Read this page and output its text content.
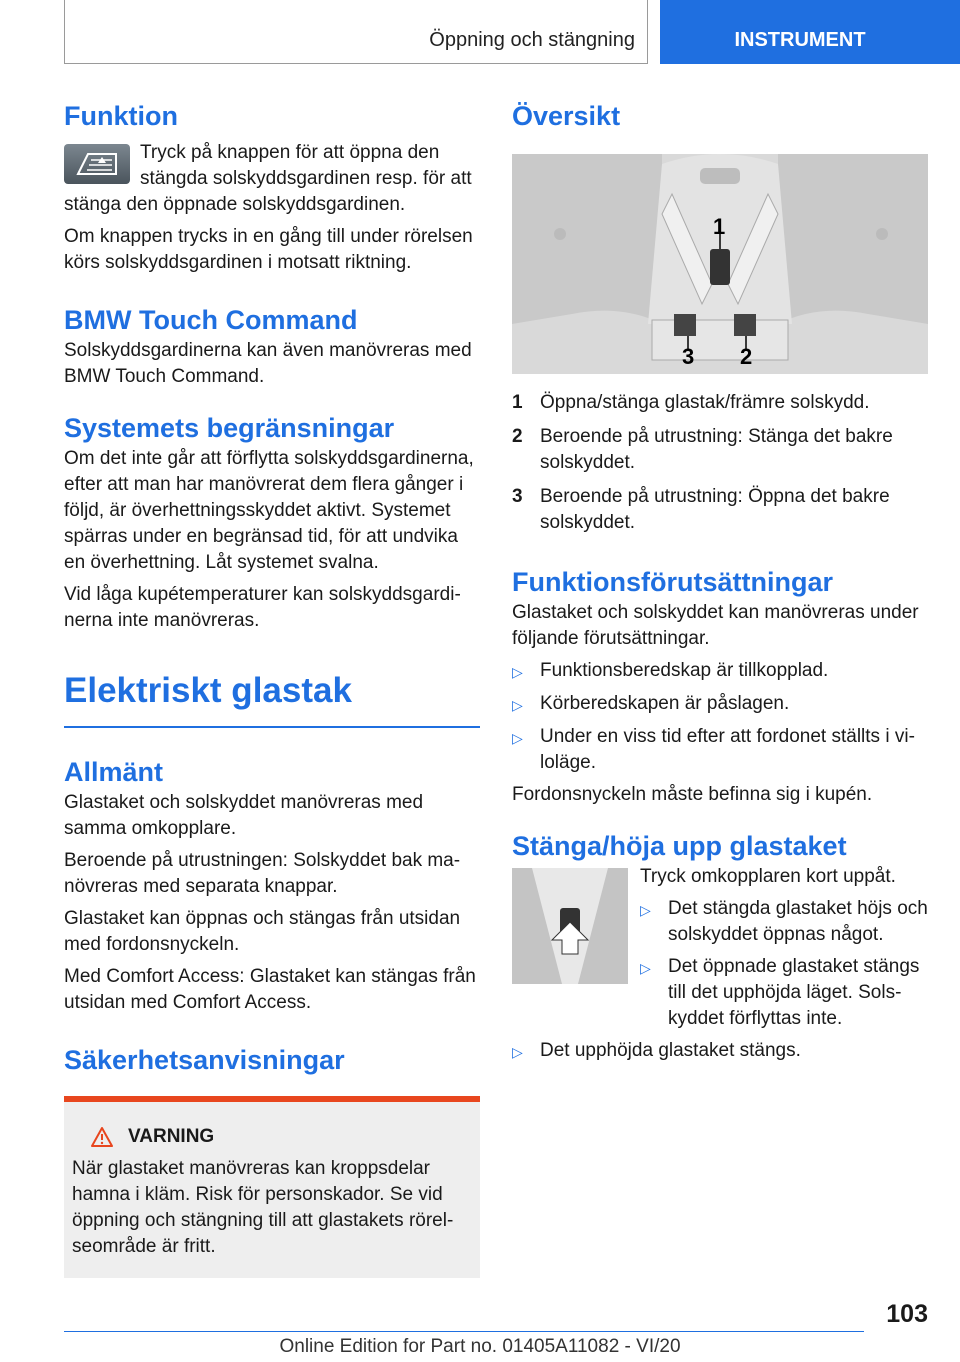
Öppning och stängning	INSTRUMENT
Funktion

Tryck på knappen för att öppna den stängda solskyddsgardinen resp. för att stänga den öppnade solskyddsgardinen.

Om knappen trycks in en gång till under rörelsen körs solskyddsgardinen i motsatt riktning.

BMW Touch Command

Solskyddsgardinerna kan även manövreras med BMW Touch Command.

Systemets begränsningar

Om det inte går att förflytta solskyddsgardinerna, efter att man har manövrerat dem flera gånger i följd, är överhettningsskyddet aktivt. Systemet spärras under en begränsad tid, för att undvika en överhettning. Låt systemet svalna.

Vid låga kupétemperaturer kan solskyddsgardinerna inte manövreras.

Elektriskt glastak
Allmänt

Glastaket och solskyddet manövreras med samma omkopplare.

Beroende på utrustningen: Solskyddet bak manövreras med separata knappar.

Glastaket kan öppnas och stängas från utsidan med fordonsnyckeln.

Med Comfort Access: Glastaket kan stängas från utsidan med Comfort Access.

Säkerhetsanvisningar
VARNING

När glastaket manövreras kan kroppsdelar hamna i kläm. Risk för personskador. Se vid öppning och stängning till att glastakets rörelseområde är fritt.

Översikt
1
2
3
1 Öppna/stänga glastak/främre solskydd.
2 Beroende på utrustning: Stänga det bakre solskyddet.
3 Beroende på utrustning: Öppna det bakre solskyddet.
Funktionsförutsättningar

Glastaket och solskyddet kan manövreras under följande förutsättningar.

▷ Funktionsberedskap är tillkopplad.
▷ Körberedskapen är påslagen.
▷ Under en viss tid efter att fordonet ställts i viloläge.

Fordonsnyckeln måste befinna sig i kupén.

Stänga/höja upp glastaket

Tryck omkopplaren kort uppåt.

▷ Det stängda glastaket höjs och solskyddet öppnas något.
▷ Det öppnade glastaket stängs till det upphöjda läget. Solskyddet förflyttas inte.
▷ Det upphöjda glastaket stängs.
103
Online Edition for Part no. 01405A11082 - VI/20
